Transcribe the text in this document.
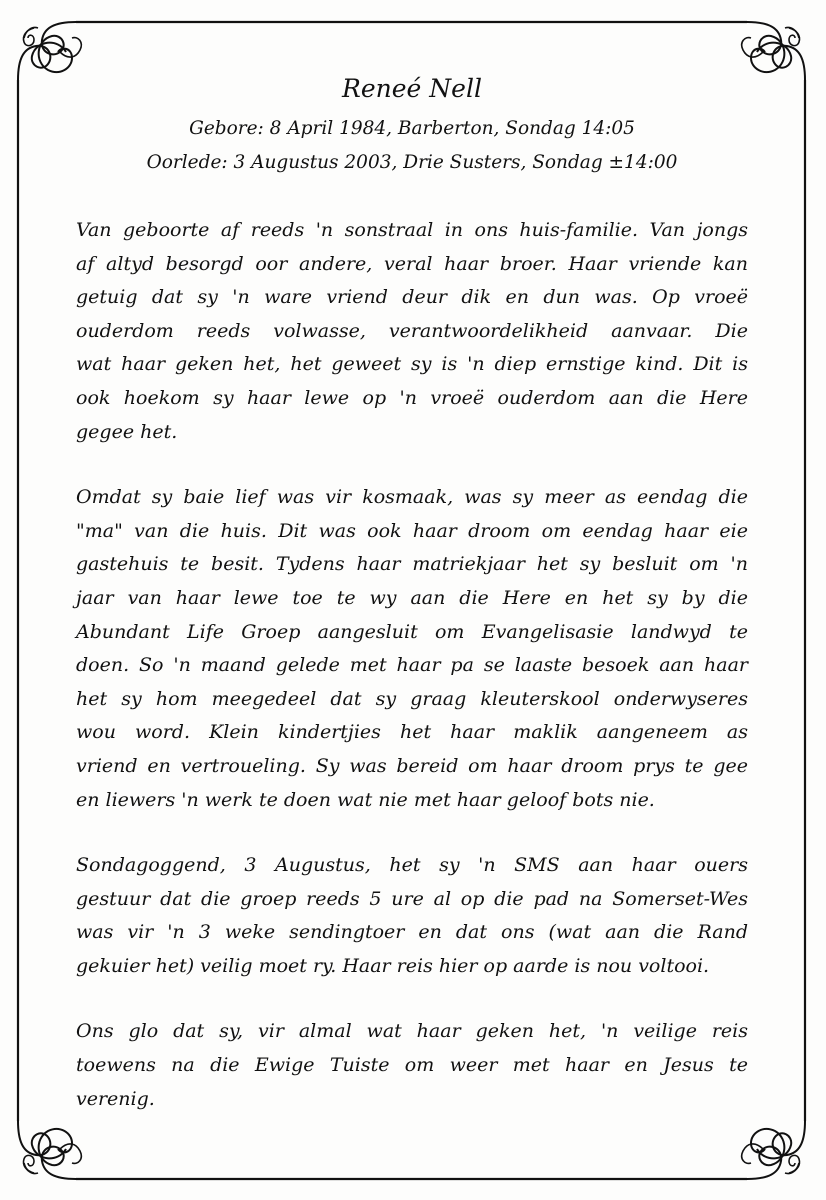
Reneé Nell
Gebore: 8 April 1984, Barberton, Sondag 14:05
Oorlede: 3 Augustus 2003, Drie Susters, Sondag ±14:00
Van geboorte af reeds 'n sonstraal in ons huis-familie. Van jongs
af altyd besorgd oor andere, veral haar broer. Haar vriende kan
getuig dat sy 'n ware vriend deur dik en dun was. Op vroeë
ouderdom reeds volwasse, verantwoordelikheid aanvaar. Die
wat haar geken het, het geweet sy is 'n diep ernstige kind. Dit is
ook hoekom sy haar lewe op 'n vroeë ouderdom aan die Here
gegee het.
Omdat sy baie lief was vir kosmaak, was sy meer as eendag die
"ma" van die huis. Dit was ook haar droom om eendag haar eie
gastehuis te besit. Tydens haar matriekjaar het sy besluit om 'n
jaar van haar lewe toe te wy aan die Here en het sy by die
Abundant Life Groep aangesluit om Evangelisasie landwyd te
doen. So 'n maand gelede met haar pa se laaste besoek aan haar
het sy hom meegedeel dat sy graag kleuterskool onderwyseres
wou word. Klein kindertjies het haar maklik aangeneem as
vriend en vertroueling. Sy was bereid om haar droom prys te gee
en liewers 'n werk te doen wat nie met haar geloof bots nie.
Sondagoggend, 3 Augustus, het sy 'n SMS aan haar ouers
gestuur dat die groep reeds 5 ure al op die pad na Somerset-Wes
was vir 'n 3 weke sendingtoer en dat ons (wat aan die Rand
gekuier het) veilig moet ry. Haar reis hier op aarde is nou voltooi.
Ons glo dat sy, vir almal wat haar geken het, 'n veilige reis
toewens na die Ewige Tuiste om weer met haar en Jesus te
verenig.
